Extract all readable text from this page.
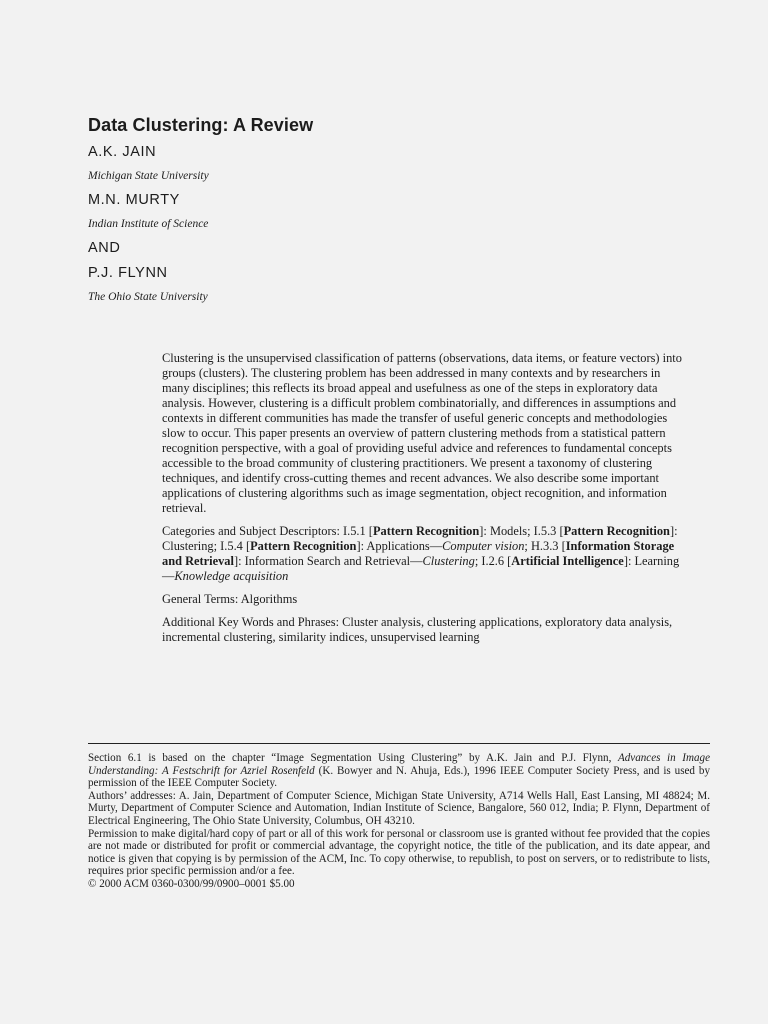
Data Clustering: A Review

A.K. JAIN

Michigan State University

M.N. MURTY

Indian Institute of Science

AND

P.J. FLYNN

The Ohio State University

Clustering is the unsupervised classification of patterns (observations, data items, or feature vectors) into groups (clusters). The clustering problem has been addressed in many contexts and by researchers in many disciplines; this reflects its broad appeal and usefulness as one of the steps in exploratory data analysis. However, clustering is a difficult problem combinatorially, and differences in assumptions and contexts in different communities has made the transfer of useful generic concepts and methodologies slow to occur. This paper presents an overview of pattern clustering methods from a statistical pattern recognition perspective, with a goal of providing useful advice and references to fundamental concepts accessible to the broad community of clustering practitioners. We present a taxonomy of clustering techniques, and identify cross-cutting themes and recent advances. We also describe some important applications of clustering algorithms such as image segmentation, object recognition, and information retrieval.

Categories and Subject Descriptors: I.5.1 [Pattern Recognition]: Models; I.5.3 [Pattern Recognition]: Clustering; I.5.4 [Pattern Recognition]: Applications—Computer vision; H.3.3 [Information Storage and Retrieval]: Information Search and Retrieval—Clustering; I.2.6 [Artificial Intelligence]: Learning—Knowledge acquisition

General Terms: Algorithms

Additional Key Words and Phrases: Cluster analysis, clustering applications, exploratory data analysis, incremental clustering, similarity indices, unsupervised learning

Section 6.1 is based on the chapter “Image Segmentation Using Clustering” by A.K. Jain and P.J. Flynn, Advances in Image Understanding: A Festschrift for Azriel Rosenfeld (K. Bowyer and N. Ahuja, Eds.), 1996 IEEE Computer Society Press, and is used by permission of the IEEE Computer Society.

Authors’ addresses: A. Jain, Department of Computer Science, Michigan State University, A714 Wells Hall, East Lansing, MI 48824; M. Murty, Department of Computer Science and Automation, Indian Institute of Science, Bangalore, 560 012, India; P. Flynn, Department of Electrical Engineering, The Ohio State University, Columbus, OH 43210.

Permission to make digital/hard copy of part or all of this work for personal or classroom use is granted without fee provided that the copies are not made or distributed for profit or commercial advantage, the copyright notice, the title of the publication, and its date appear, and notice is given that copying is by permission of the ACM, Inc. To copy otherwise, to republish, to post on servers, or to redistribute to lists, requires prior specific permission and/or a fee.

© 2000 ACM 0360-0300/99/0900–0001 $5.00
